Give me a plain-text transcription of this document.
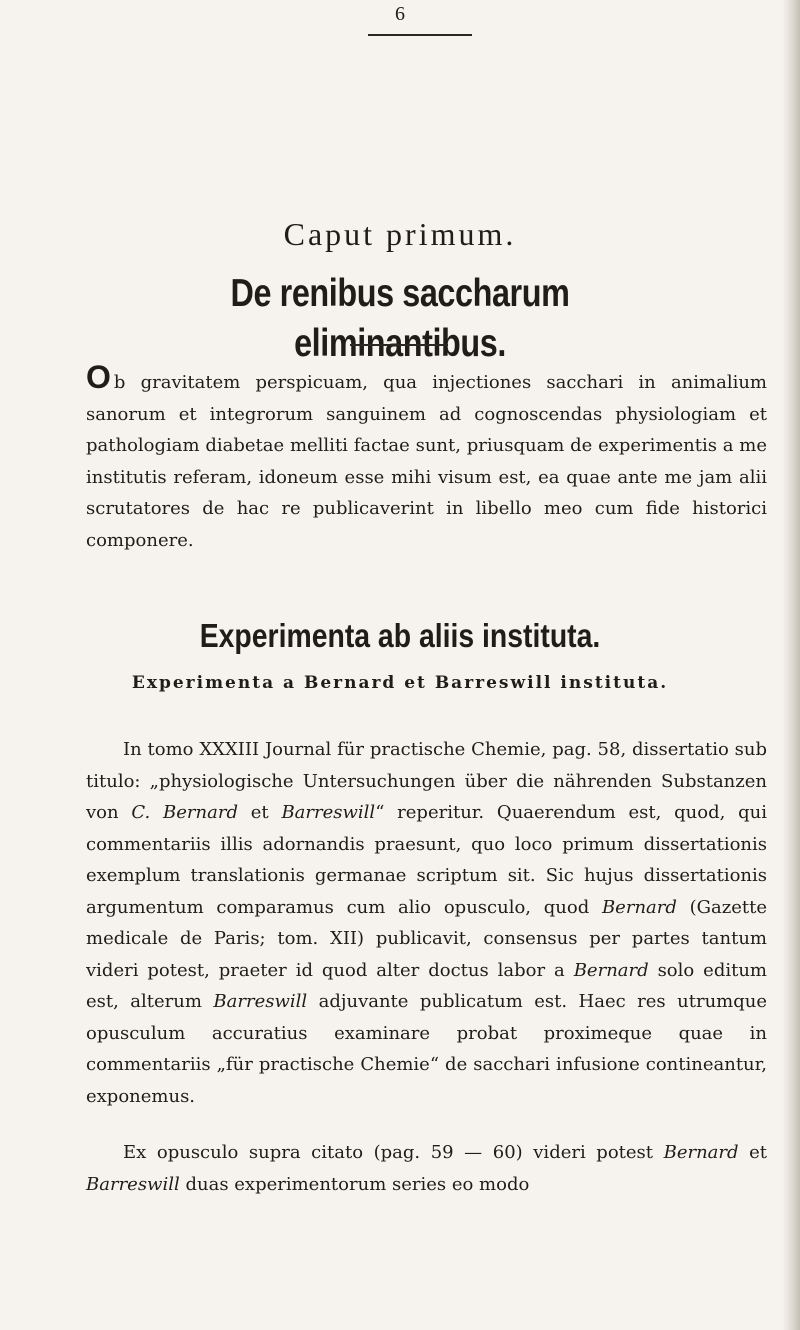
6
Caput primum.
De renibus saccharum eliminantibus.
Ob gravitatem perspicuam, qua injectiones sacchari in animalium sanorum et integrorum sanguinem ad cognoscendas physiologiam et pathologiam diabetae melliti factae sunt, priusquam de experimentis a me institutis referam, idoneum esse mihi visum est, ea quae ante me jam alii scrutatores de hac re publicaverint in libello meo cum fide historici componere.
Experimenta ab aliis instituta.
Experimenta a Bernard et Barreswill instituta.
In tomo XXXIII Journal für practische Chemie, pag. 58, dissertatio sub titulo: „physiologische Untersuchungen über die nährenden Substanzen von C. Bernard et Barreswill“ reperitur. Quaerendum est, quod, qui commentariis illis adornandis praesunt, quo loco primum dissertationis exemplum translationis germanae scriptum sit. Sic hujus dissertationis argumentum comparamus cum alio opusculo, quod Bernard (Gazette medicale de Paris; tom. XII) publicavit, consensus per partes tantum videri potest, praeter id quod alter doctus labor a Bernard solo editum est, alterum Barreswill adjuvante publicatum est. Haec res utrumque opusculum accuratius examinare probat proximeque quae in commentariis „für practische Chemie“ de sacchari infusione contineantur, exponemus.
Ex opusculo supra citato (pag. 59 — 60) videri potest Bernard et Barreswill duas experimentorum series eo modo
